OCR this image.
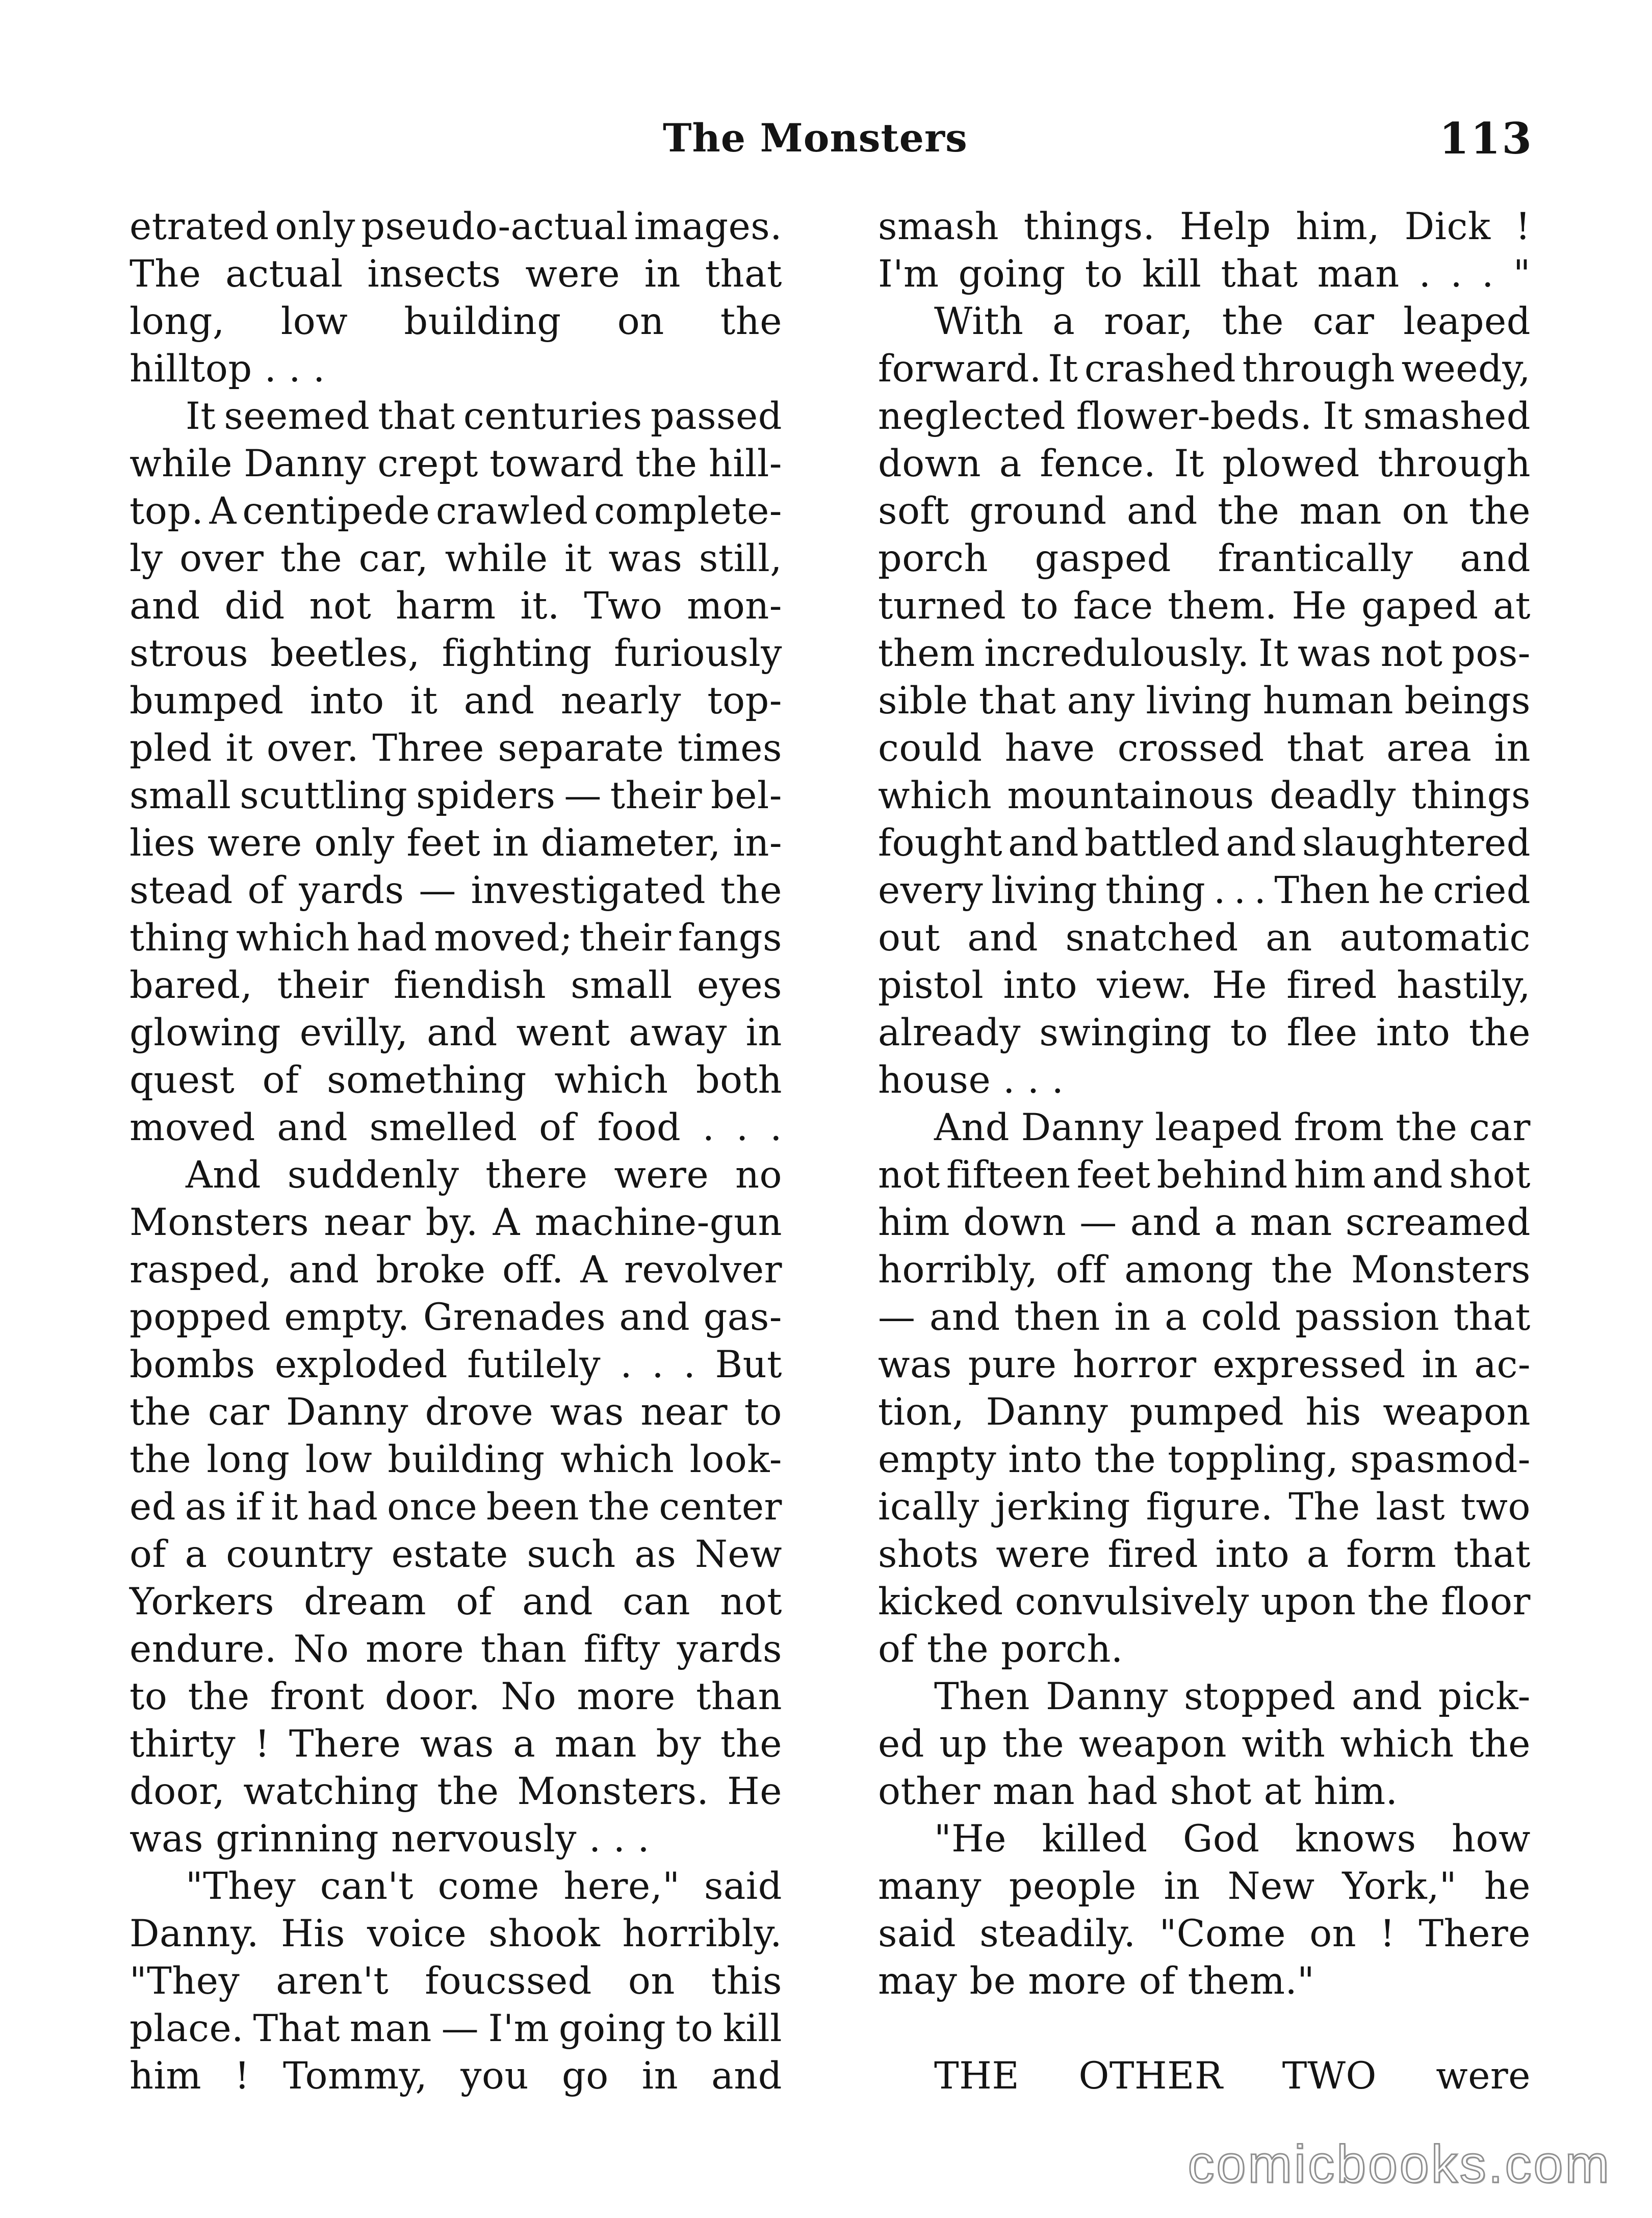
The Monsters	113
etrated only pseudo-actual images.
The actual insects were in that
long, low building on the
hilltop . . .
It seemed that centuries passed
while Danny crept toward the hill-
top. A centipede crawled complete-
ly over the car, while it was still,
and did not harm it. Two mon-
strous beetles, fighting furiously
bumped into it and nearly top-
pled it over. Three separate times
small scuttling spiders — their bel-
lies were only feet in diameter, in-
stead of yards — investigated the
thing which had moved; their fangs
bared, their fiendish small eyes
glowing evilly, and went away in
quest of something which both
moved and smelled of food . . .
And suddenly there were no
Monsters near by. A machine-gun
rasped, and broke off. A revolver
popped empty. Grenades and gas-
bombs exploded futilely . . . But
the car Danny drove was near to
the long low building which look-
ed as if it had once been the center
of a country estate such as New
Yorkers dream of and can not
endure. No more than fifty yards
to the front door. No more than
thirty ! There was a man by the
door, watching the Monsters. He
was grinning nervously . . .
"They can't come here," said
Danny. His voice shook horribly.
"They aren't foucssed on this
place. That man — I'm going to kill
him ! Tommy, you go in and
smash things. Help him, Dick !
I'm going to kill that man . . . "
With a roar, the car leaped
forward. It crashed through weedy,
neglected flower-beds. It smashed
down a fence. It plowed through
soft ground and the man on the
porch gasped frantically and
turned to face them. He gaped at
them incredulously. It was not pos-
sible that any living human beings
could have crossed that area in
which mountainous deadly things
fought and battled and slaughtered
every living thing . . . Then he cried
out and snatched an automatic
pistol into view. He fired hastily,
already swinging to flee into the
house . . .
And Danny leaped from the car
not fifteen feet behind him and shot
him down — and a man screamed
horribly, off among the Monsters
— and then in a cold passion that
was pure horror expressed in ac-
tion, Danny pumped his weapon
empty into the toppling, spasmod-
ically jerking figure. The last two
shots were fired into a form that
kicked convulsively upon the floor
of the porch.
Then Danny stopped and pick-
ed up the weapon with which the
other man had shot at him.
"He killed God knows how
many people in New York," he
said steadily. "Come on ! There
may be more of them."
THE OTHER TWO were
comicbooks.com
